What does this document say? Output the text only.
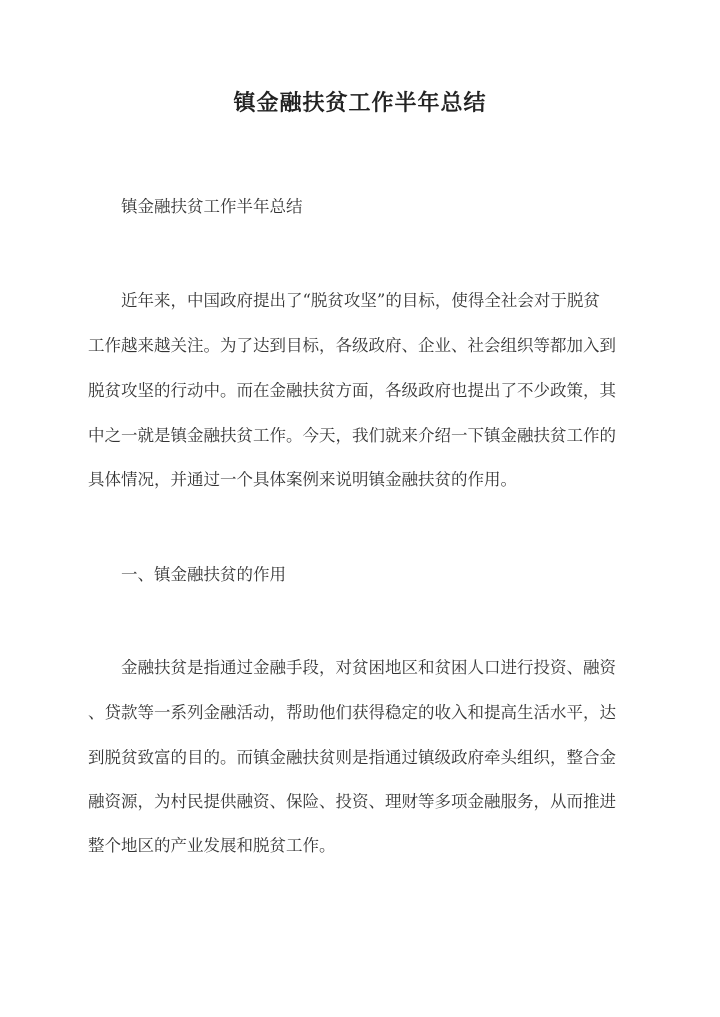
镇金融扶贫工作半年总结

镇金融扶贫工作半年总结

近年来，中国政府提出了“脱贫攻坚”的目标，使得全社会对于脱贫

工作越来越关注。为了达到目标，各级政府、企业、社会组织等都加入到

脱贫攻坚的行动中。而在金融扶贫方面，各级政府也提出了不少政策，其

中之一就是镇金融扶贫工作。今天，我们就来介绍一下镇金融扶贫工作的

具体情况，并通过一个具体案例来说明镇金融扶贫的作用。

一、镇金融扶贫的作用

金融扶贫是指通过金融手段，对贫困地区和贫困人口进行投资、融资

、贷款等一系列金融活动，帮助他们获得稳定的收入和提高生活水平，达

到脱贫致富的目的。而镇金融扶贫则是指通过镇级政府牵头组织，整合金

融资源，为村民提供融资、保险、投资、理财等多项金融服务，从而推进

整个地区的产业发展和脱贫工作。
